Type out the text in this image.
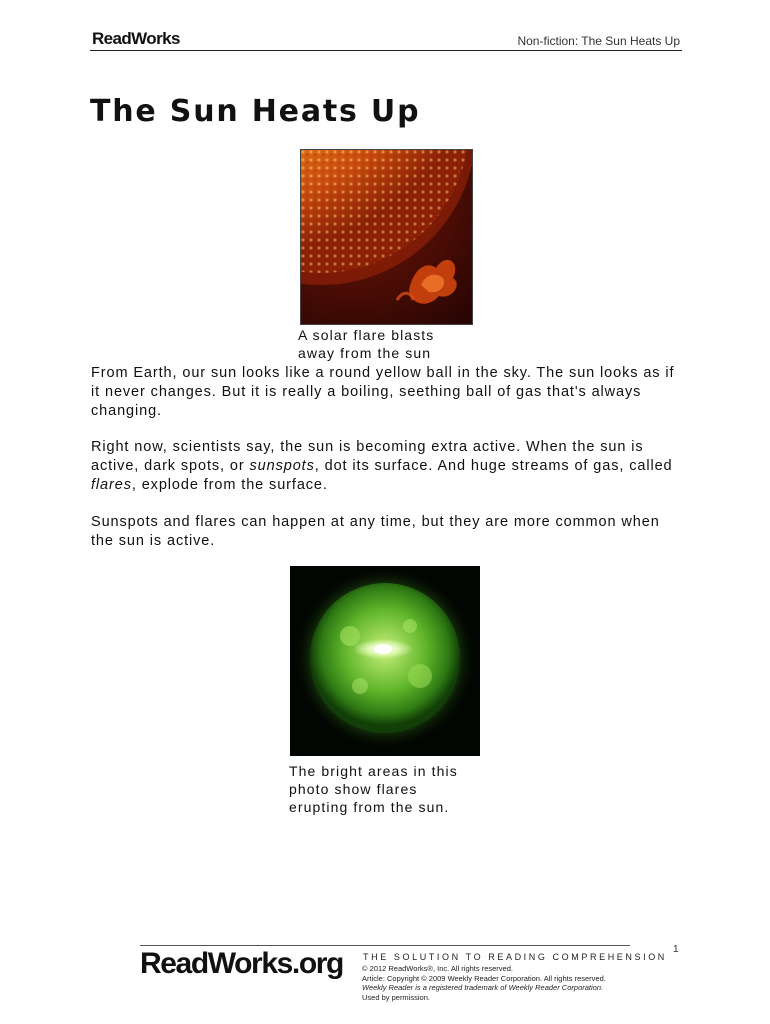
ReadWorks	Non-fiction: The Sun Heats Up
The Sun Heats Up

A solar flare blasts
away from the sun

From Earth, our sun looks like a round yellow ball in the sky. The sun looks as if it never changes. But it is really a boiling, seething ball of gas that's always changing.

Right now, scientists say, the sun is becoming extra active. When the sun is active, dark spots, or sunspots, dot its surface. And huge streams of gas, called flares, explode from the surface.

Sunspots and flares can happen at any time, but they are more common when the sun is active.

The bright areas in this
photo show flares
erupting from the sun.

1
ReadWorks.org THE SOLUTION TO READING COMPREHENSION
© 2012 ReadWorks®, Inc. All rights reserved.
Article: Copyright © 2009 Weekly Reader Corporation. All rights reserved.
Weekly Reader is a registered trademark of Weekly Reader Corporation.
Used by permission.
